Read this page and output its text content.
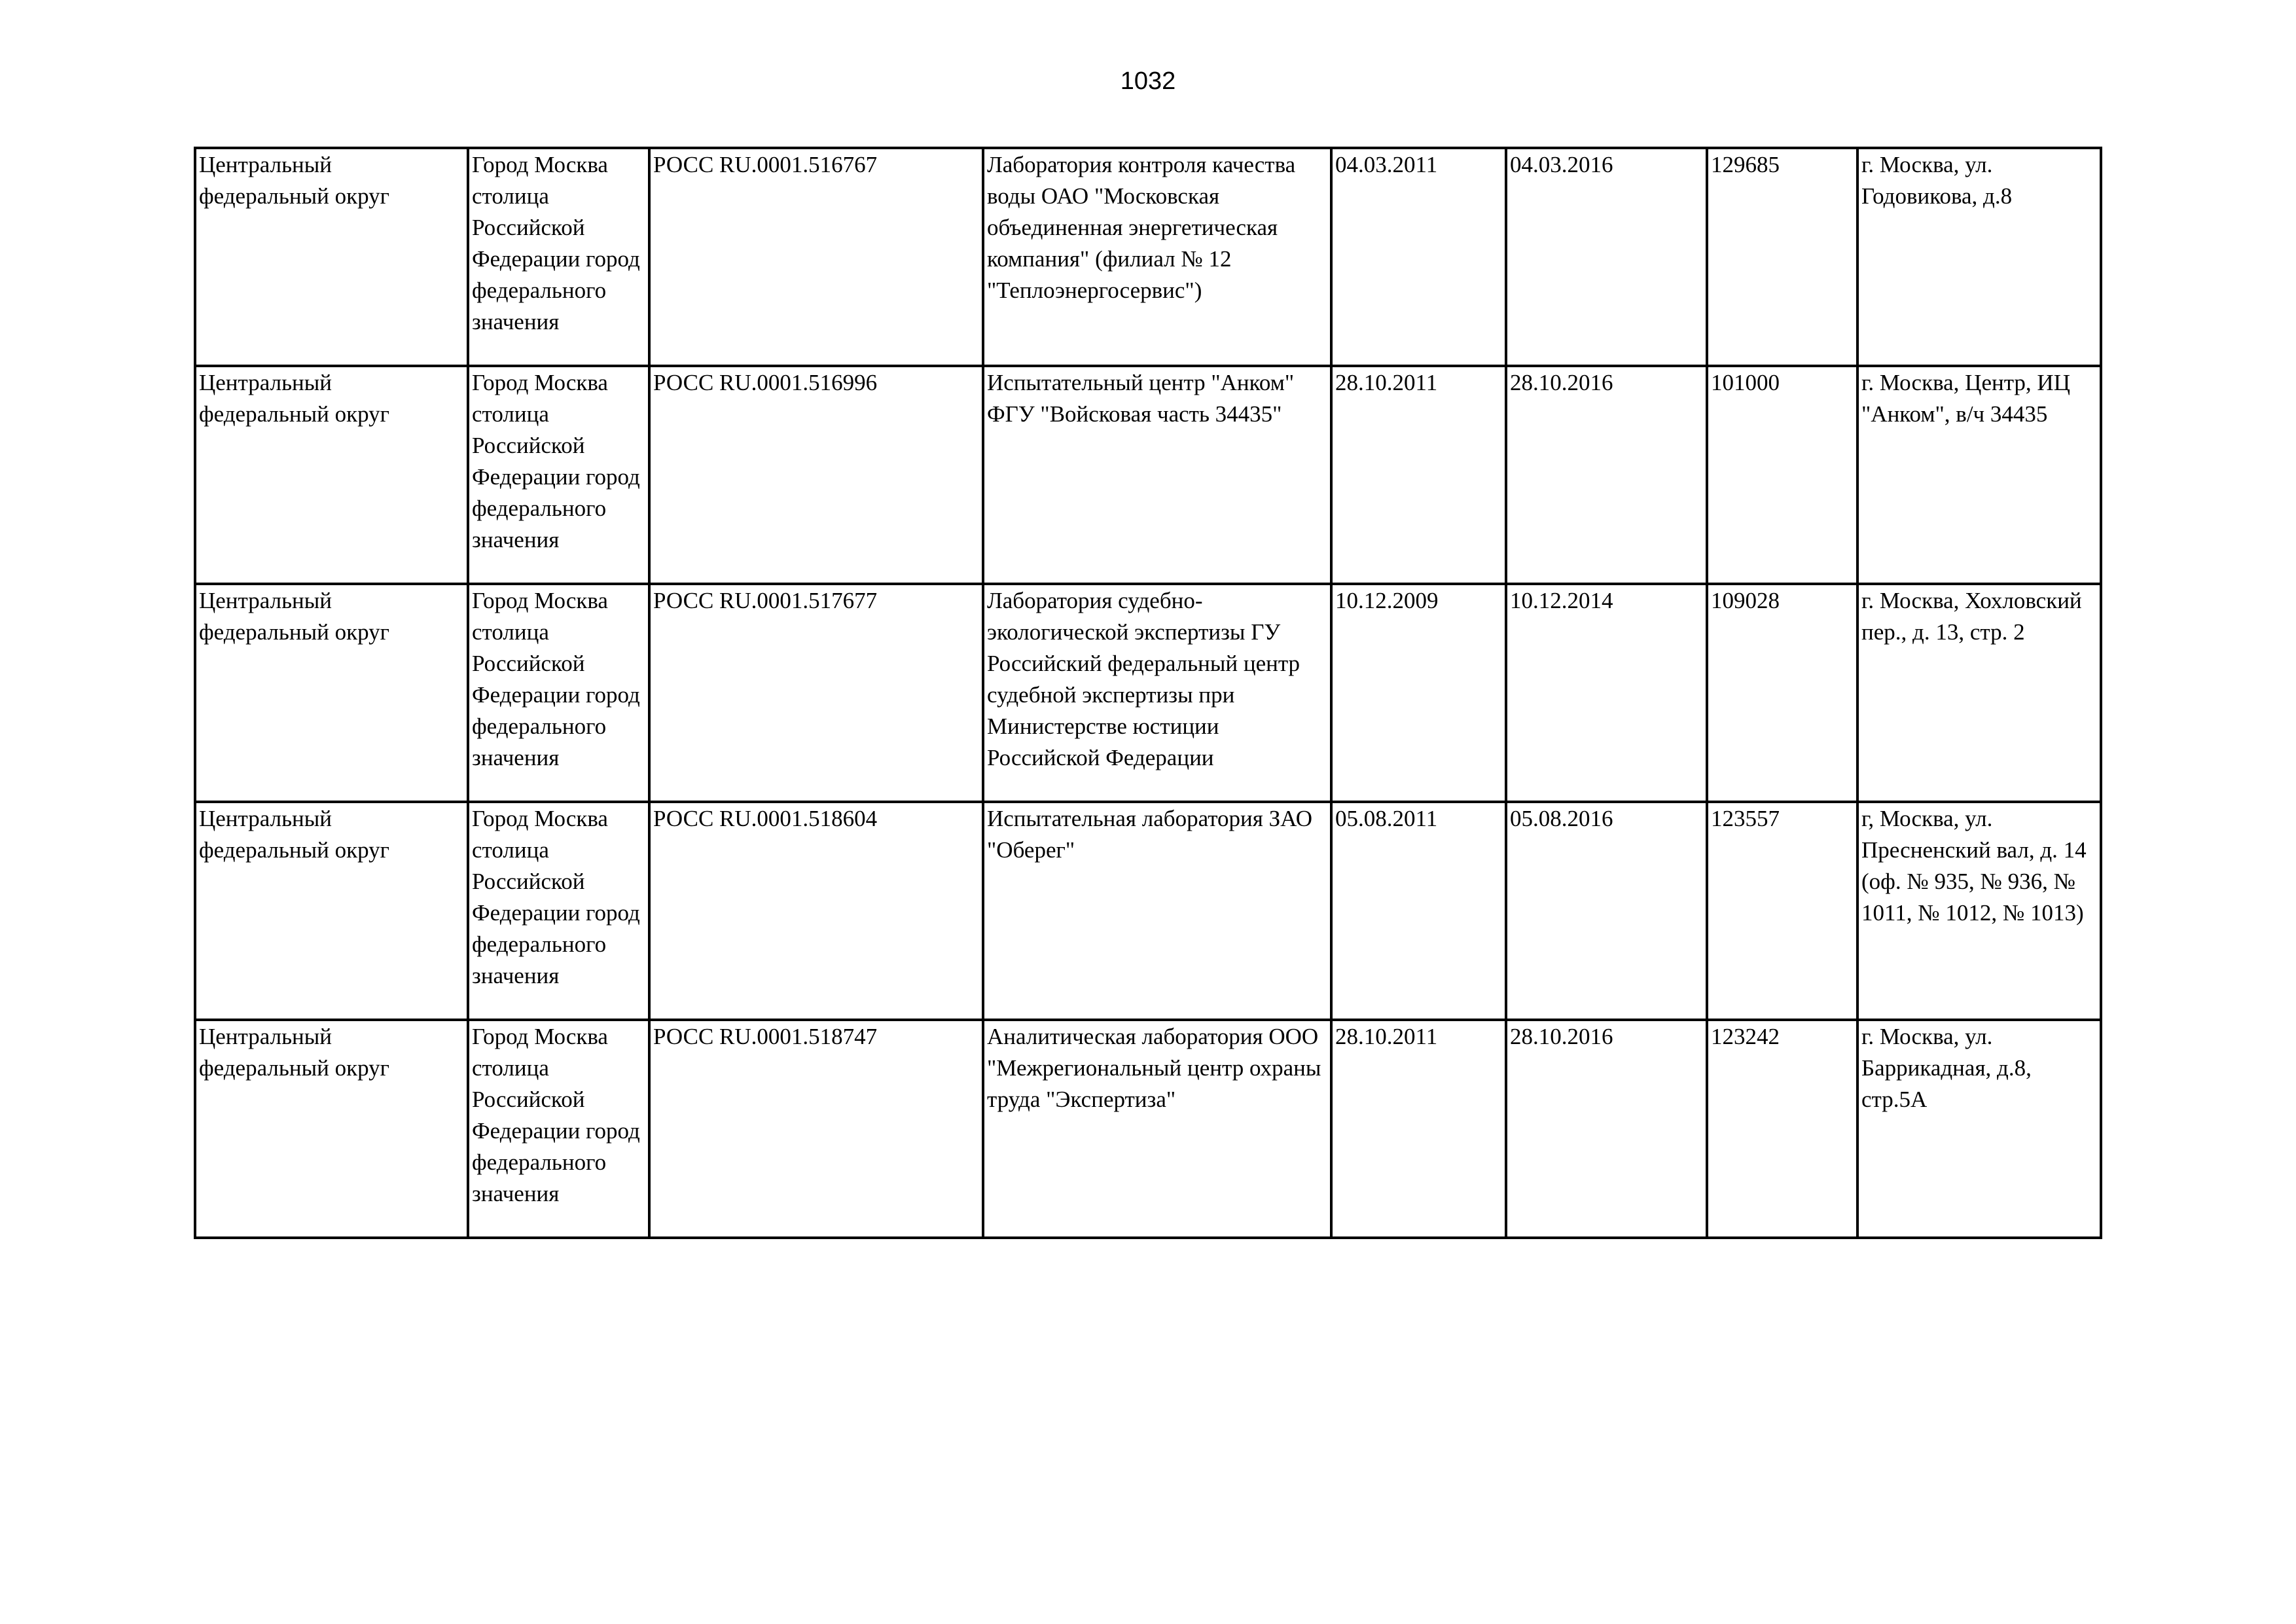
1032
Центральный федеральный округ	Город Москва столица Российской Федерации город федерального значения	РОСС RU.0001.516767	Лаборатория контроля качества воды ОАО "Московская объединенная энергетическая компания" (филиал № 12 "Теплоэнергосервис")	04.03.2011	04.03.2016	129685	г. Москва, ул. Годовикова, д.8
Центральный федеральный округ	Город Москва столица Российской Федерации город федерального значения	РОСС RU.0001.516996	Испытательный центр "Анком" ФГУ "Войсковая часть 34435"	28.10.2011	28.10.2016	101000	г. Москва, Центр, ИЦ "Анком", в/ч 34435
Центральный федеральный округ	Город Москва столица Российской Федерации город федерального значения	РОСС RU.0001.517677	Лаборатория судебно-экологической экспертизы ГУ Российский федеральный центр судебной экспертизы при Министерстве юстиции Российской Федерации	10.12.2009	10.12.2014	109028	г. Москва, Хохловский пер., д. 13, стр. 2
Центральный федеральный округ	Город Москва столица Российской Федерации город федерального значения	РОСС RU.0001.518604	Испытательная лаборатория ЗАО "Оберег"	05.08.2011	05.08.2016	123557	г, Москва, ул. Пресненский вал, д. 14 (оф. № 935, № 936, № 1011, № 1012, № 1013)
Центральный федеральный округ	Город Москва столица Российской Федерации город федерального значения	РОСС RU.0001.518747	Аналитическая лаборатория ООО "Межрегиональный центр охраны труда "Экспертиза"	28.10.2011	28.10.2016	123242	г. Москва, ул. Баррикадная, д.8, стр.5А
